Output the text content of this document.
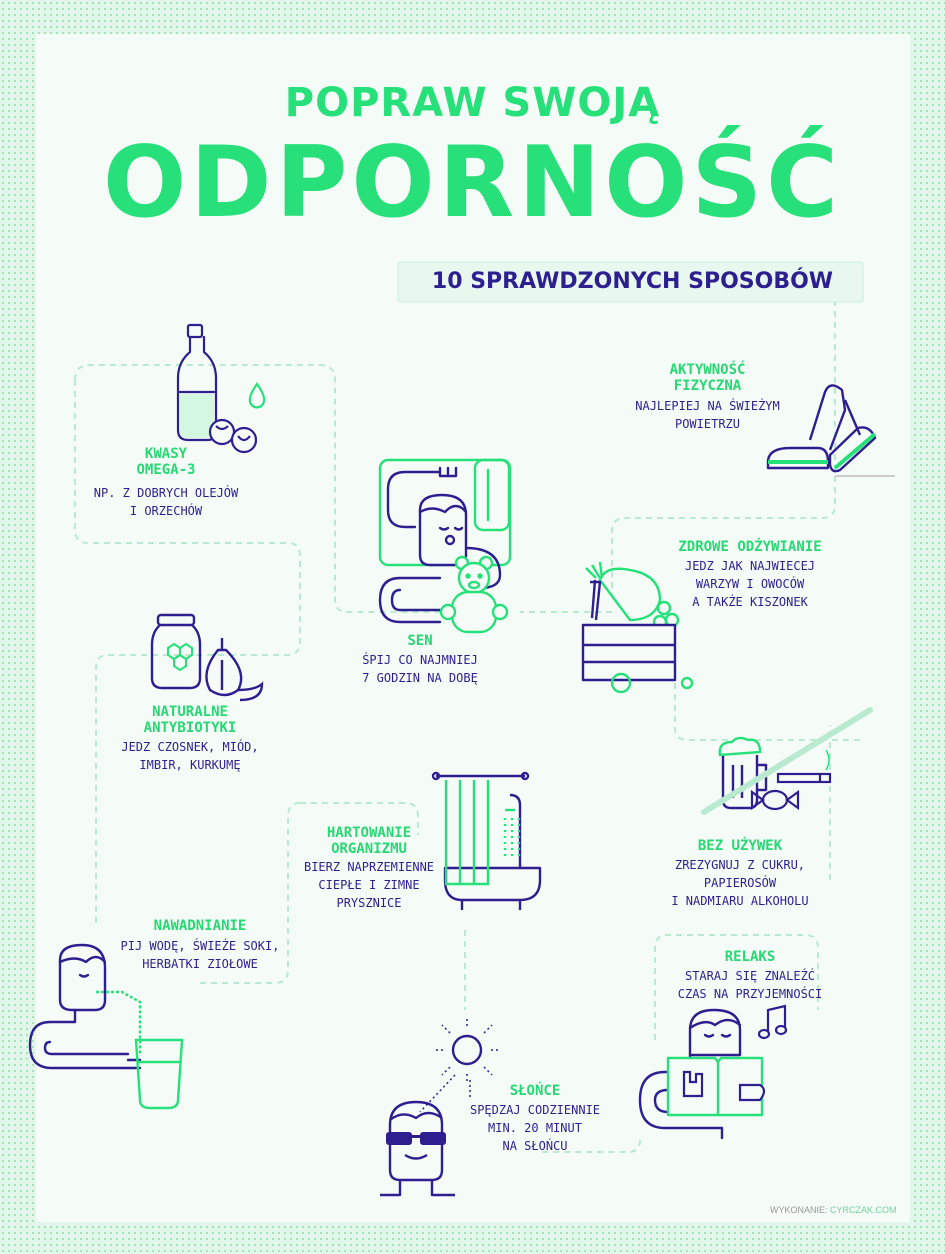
POPRAW SWOJĄ
ODPORNOŚĆ
10 SPRAWDZONYCH SPOSOBÓW
KWASY
OMEGA-3
NP. Z DOBRYCH OLEJÓW
I ORZECHÓW
SEN
ŚPIJ CO NAJMNIEJ
7 GODZIN NA DOBĘ
AKTYWNOŚĆ
FIZYCZNA
NAJLEPIEJ NA ŚWIEŻYM
POWIETRZU
ZDROWE ODŻYWIANIE
JEDZ JAK NAJWIECEJ
WARZYW I OWOCÓW
A TAKŻE KISZONEK
NATURALNE
ANTYBIOTYKI
JEDZ CZOSNEK, MIÓD,
IMBIR, KURKUMĘ
HARTOWANIE
ORGANIZMU
BIERZ NAPRZEMIENNE
CIEPŁE I ZIMNE
PRYSZNICE
BEZ UŻYWEK
ZREZYGNUJ Z CUKRU,
PAPIEROSÓW
I NADMIARU ALKOHOLU
NAWADNIANIE
PIJ WODĘ, ŚWIEŻE SOKI,
HERBATKI ZIOŁOWE	RELAKS
STARAJ SIĘ ZNALEŹĆ
CZAS NA PRZYJEMNOŚCI
SŁOŃCE
SPĘDZAJ CODZIENNIE
MIN. 20 MINUT
NA SŁOŃCU
WYKONANIE: CYRCZAK.COM
